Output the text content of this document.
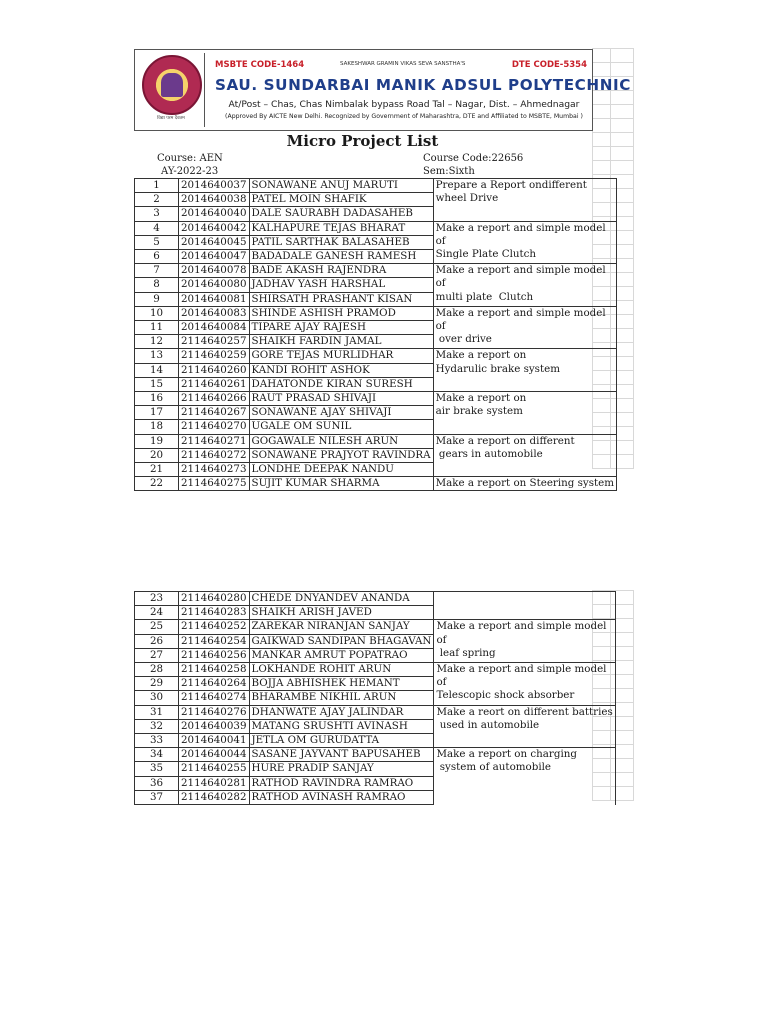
विद्या परम दैवतम
MSBTE CODE-1464	SAKESHWAR GRAMIN VIKAS SEVA SANSTHA'S	DTE CODE-5354
SAU. SUNDARBAI MANIK ADSUL POLYTECHNIC
At/Post – Chas, Chas Nimbalak bypass Road Tal – Nagar, Dist. – Ahmednagar
(Approved By AICTE New Delhi. Recognized by Government of Maharashtra, DTE and Affiliated to MSBTE, Mumbai )
Micro Project List
Course: AEN	Course Code:22656
AY-2022-23	Sem:Sixth
1	2014640037	SONAWANE ANUJ MARUTI	Prepare a Report ondifferent
wheel Drive

2	2014640038	PATEL MOIN SHAFIK	
3	2014640040	DALE SAURABH DADASAHEB	
4	2014640042	KALHAPURE TEJAS BHARAT	Make a report and simple model
of
Single Plate Clutch

5	2014640045	PATIL SARTHAK BALASAHEB	
6	2014640047	BADADALE GANESH RAMESH	
7	2014640078	BADE AKASH RAJENDRA	Make a report and simple model
of
multi plate  Clutch

8	2014640080	JADHAV YASH HARSHAL	
9	2014640081	SHIRSATH PRASHANT KISAN	
10	2014640083	SHINDE ASHISH PRAMOD	Make a report and simple model
of
over drive

11	2014640084	TIPARE AJAY RAJESH	
12	2114640257	SHAIKH FARDIN JAMAL	
13	2114640259	GORE TEJAS MURLIDHAR	Make a report on
Hydarulic brake system

14	2114640260	KANDI ROHIT ASHOK	
15	2114640261	DAHATONDE KIRAN SURESH	
16	2114640266	RAUT PRASAD SHIVAJI	Make a report on
air brake system

17	2114640267	SONAWANE AJAY SHIVAJI	
18	2114640270	UGALE OM SUNIL	
19	2114640271	GOGAWALE NILESH ARUN	Make a report on different
gears in automobile

20	2114640272	SONAWANE PRAJYOT RAVINDRA	
21	2114640273	LONDHE DEEPAK NANDU	
22	2114640275	SUJIT KUMAR SHARMA	Make a report on Steering system

23	2114640280	CHEDE DNYANDEV ANANDA	
24	2114640283	SHAIKH ARISH JAVED	
25	2114640252	ZAREKAR NIRANJAN SANJAY	Make a report and simple model
of
leaf spring

26	2114640254	GAIKWAD SANDIPAN BHAGAVAN	
27	2114640256	MANKAR AMRUT POPATRAO	
28	2114640258	LOKHANDE ROHIT ARUN	Make a report and simple model
of
Telescopic shock absorber

29	2114640264	BOJJA ABHISHEK HEMANT	
30	2114640274	BHARAMBE NIKHIL ARUN	
31	2114640276	DHANWATE AJAY JALINDAR	Make a reort on different battries
used in automobile

32	2014640039	MATANG SRUSHTI AVINASH	
33	2014640041	JETLA OM GURUDATTA	
34	2014640044	SASANE JAYVANT BAPUSAHEB	Make a report on charging
system of automobile

35	2114640255	HURE PRADIP SANJAY	
36	2114640281	RATHOD RAVINDRA RAMRAO	
37	2114640282	RATHOD AVINASH RAMRAO	
